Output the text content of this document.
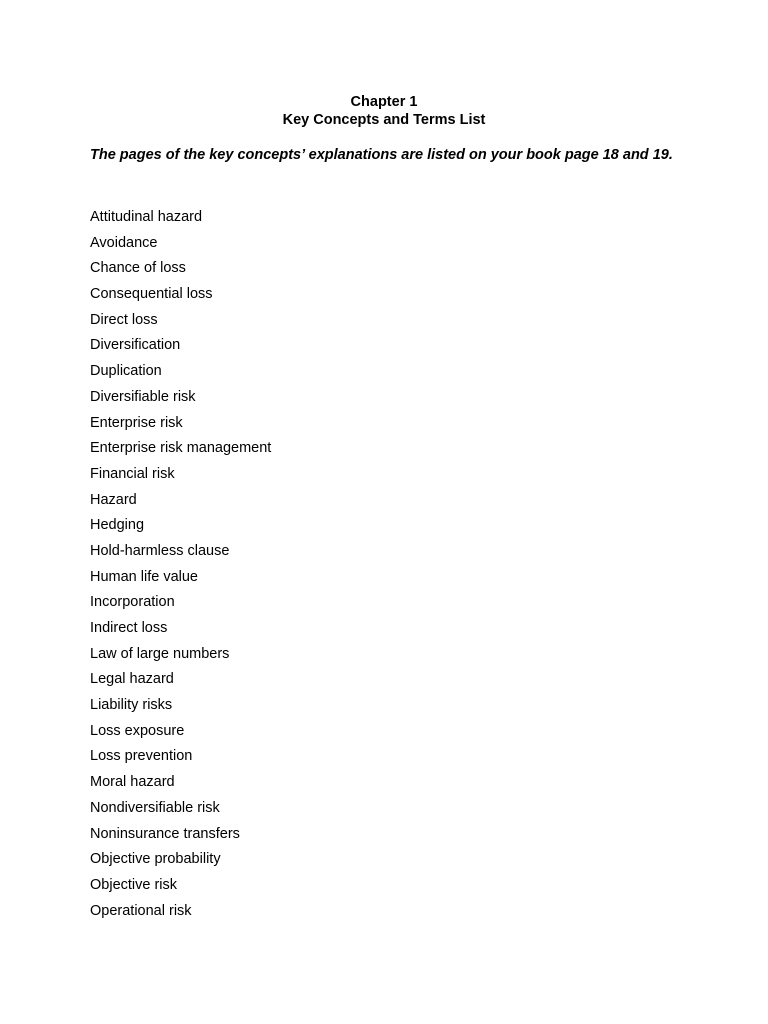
Chapter 1
Key Concepts and Terms List
The pages of the key concepts’ explanations are listed on your book page 18 and 19.
Attitudinal hazard
Avoidance
Chance of loss
Consequential loss
Direct loss
Diversification
Duplication
Diversifiable risk
Enterprise risk
Enterprise risk management
Financial risk
Hazard
Hedging
Hold-harmless clause
Human life value
Incorporation
Indirect loss
Law of large numbers
Legal hazard
Liability risks
Loss exposure
Loss prevention
Moral hazard
Nondiversifiable risk
Noninsurance transfers
Objective probability
Objective risk
Operational risk
